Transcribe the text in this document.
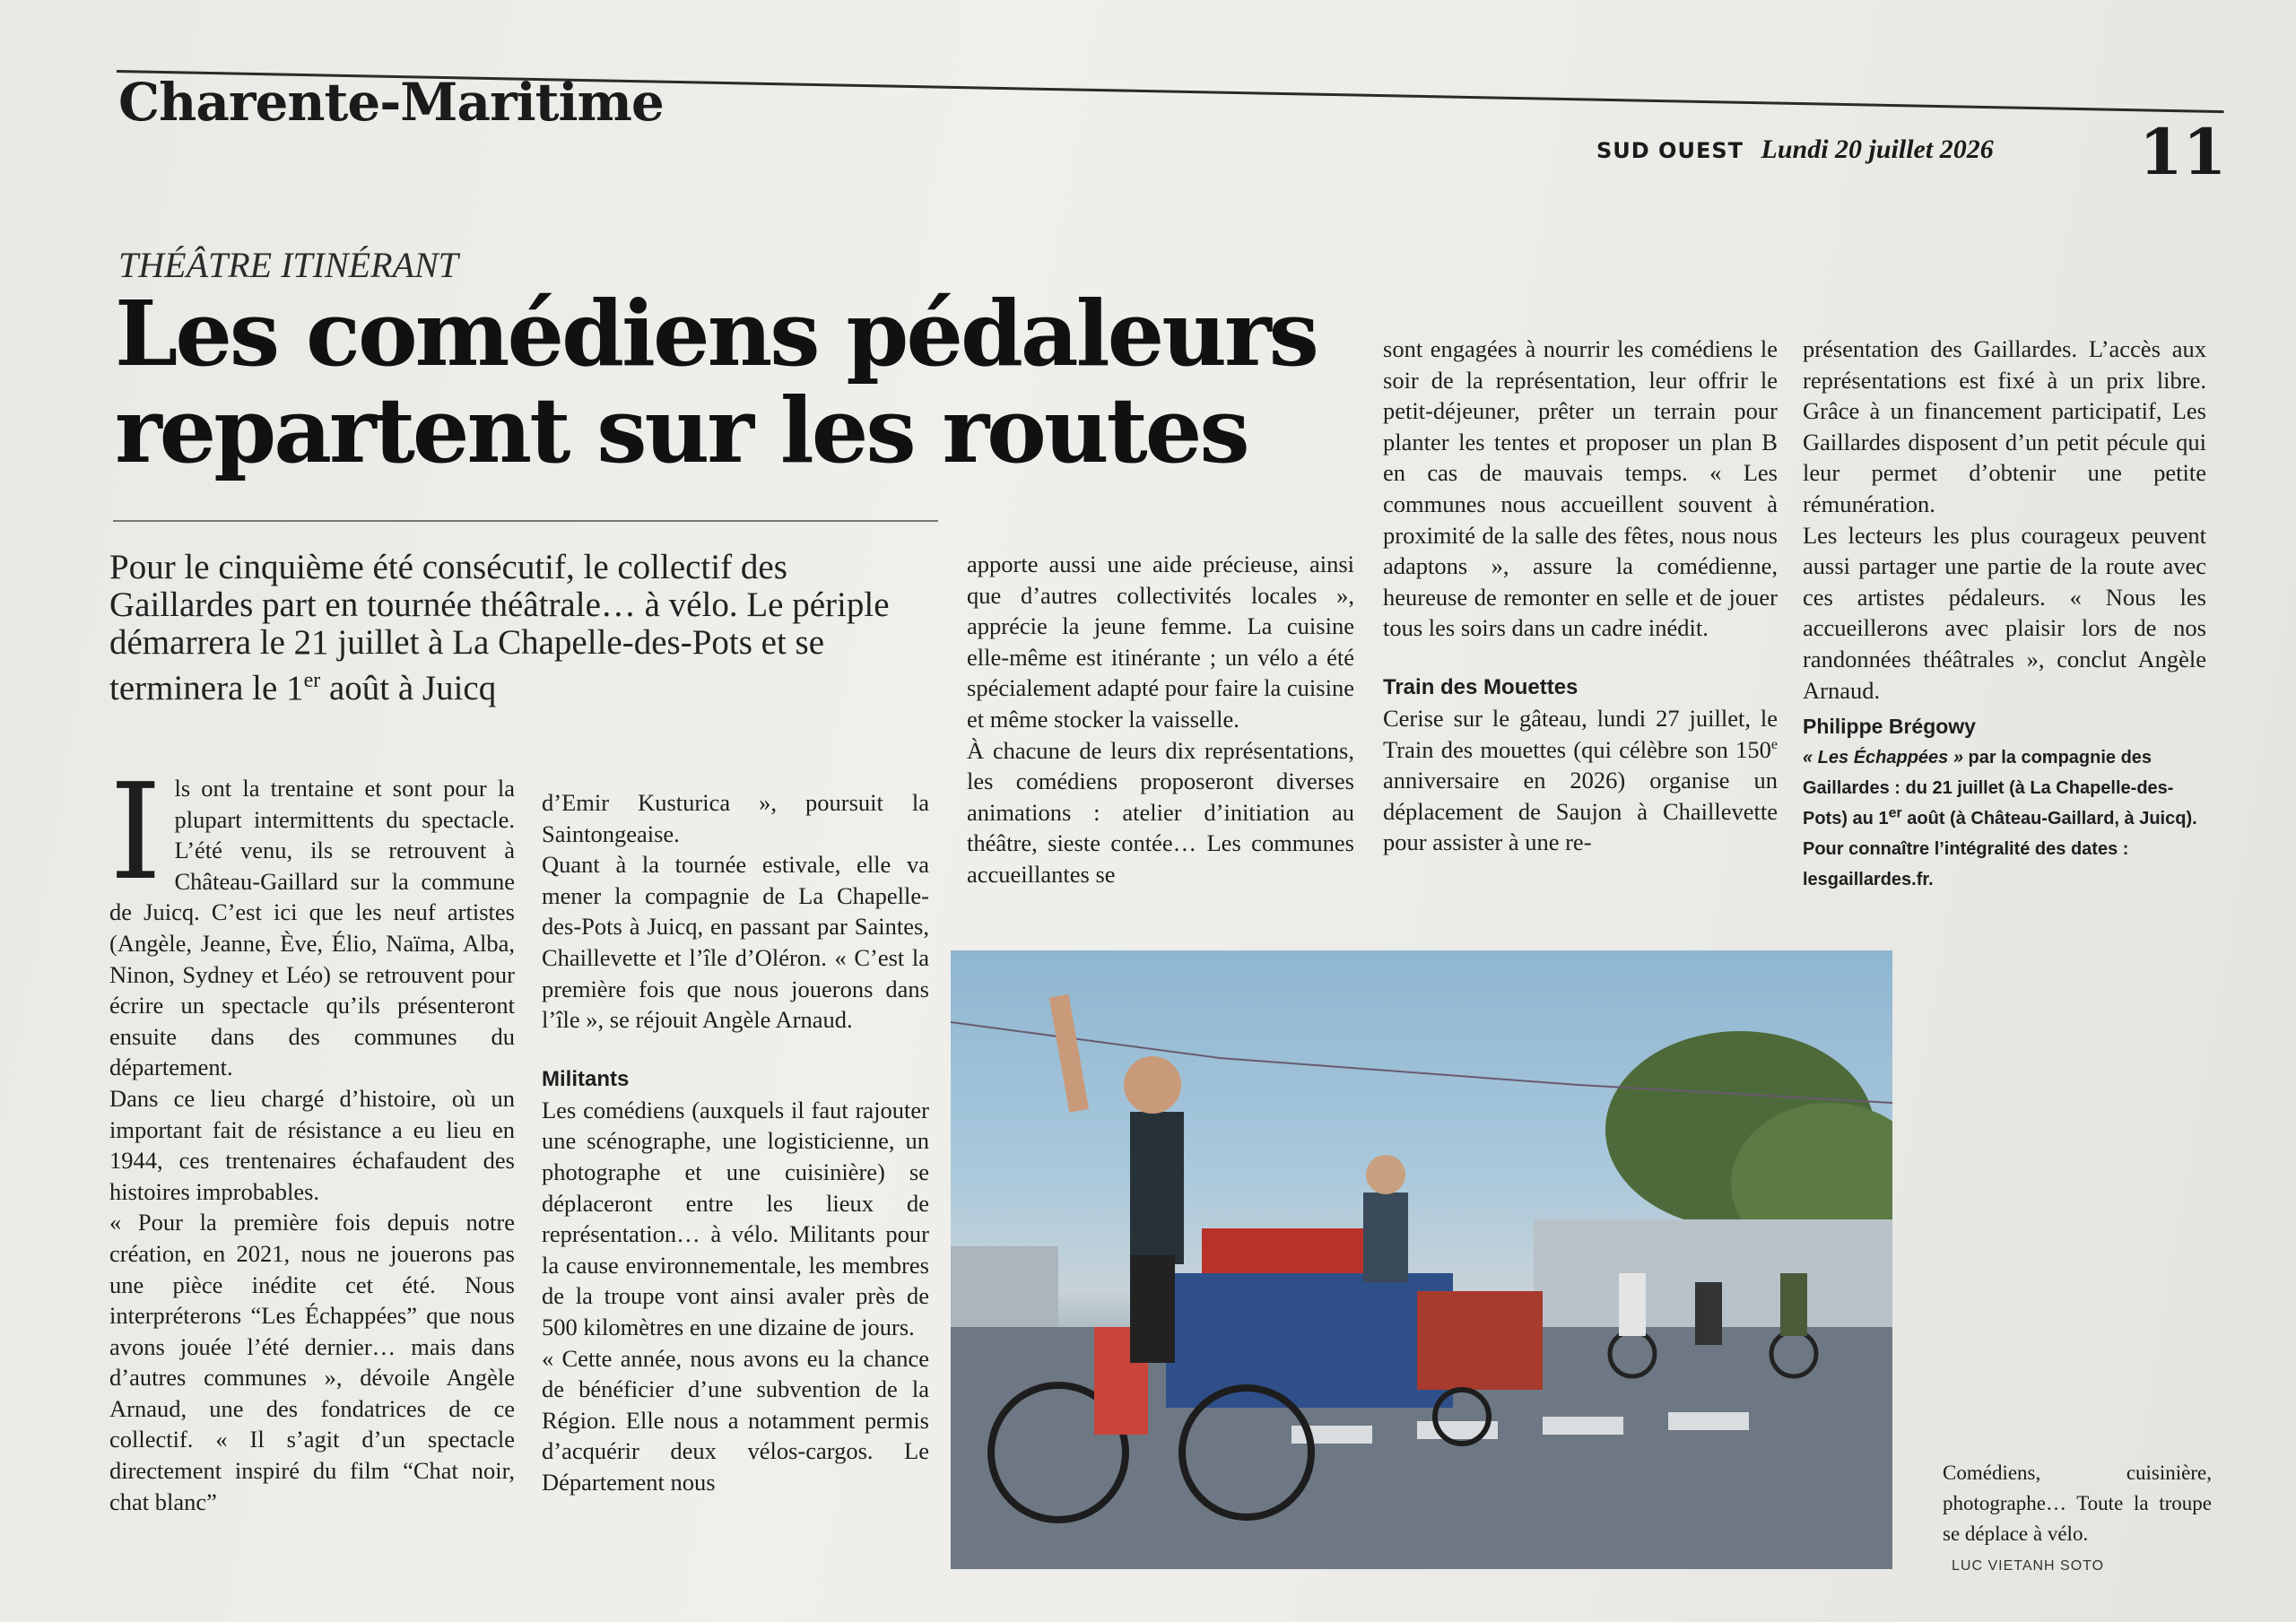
Charente-Maritime
SUD OUEST Lundi 20 juillet 2026 11
THÉÂTRE ITINÉRANT
Les comédiens pédaleurs
repartent sur les routes
Pour le cinquième été consécutif, le collectif des Gaillardes part en tournée théâtrale… à vélo. Le périple démarrera le 21 juillet à La Chapelle-des-Pots et se terminera le 1er août à Juicq

Ils ont la trentaine et sont pour la plupart intermittents du spectacle. L’été venu, ils se retrouvent à Château-Gaillard sur la commune de Juicq. C’est ici que les neuf artistes (Angèle, Jeanne, Ève, Élio, Naïma, Alba, Ninon, Sydney et Léo) se retrouvent pour écrire un spectacle qu’ils présenteront ensuite dans des communes du département.

Dans ce lieu chargé d’histoire, où un important fait de résistance a eu lieu en 1944, ces trentenaires échafaudent des histoires improbables.

« Pour la première fois depuis notre création, en 2021, nous ne jouerons pas une pièce inédite cet été. Nous interpréterons “Les Échappées” que nous avons jouée l’été dernier… mais dans d’autres communes », dévoile Angèle Arnaud, une des fondatrices de ce collectif. « Il s’agit d’un spectacle directement inspiré du film “Chat noir, chat blanc”

d’Emir Kusturica », poursuit la Saintongeaise.

Quant à la tournée estivale, elle va mener la compagnie de La Chapelle-des-Pots à Juicq, en passant par Saintes, Chaillevette et l’île d’Oléron. « C’est la première fois que nous jouerons dans l’île », se réjouit Angèle Arnaud.

Militants

Les comédiens (auxquels il faut rajouter une scénographe, une logisticienne, un photographe et une cuisinière) se déplaceront entre les lieux de représentation… à vélo. Militants pour la cause environnementale, les membres de la troupe vont ainsi avaler près de 500 kilomètres en une dizaine de jours.

« Cette année, nous avons eu la chance de bénéficier d’une subvention de la Région. Elle nous a notamment permis d’acquérir deux vélos-cargos. Le Département nous

apporte aussi une aide précieuse, ainsi que d’autres collectivités locales », apprécie la jeune femme. La cuisine elle-même est itinérante ; un vélo a été spécialement adapté pour faire la cuisine et même stocker la vaisselle.

À chacune de leurs dix représentations, les comédiens proposeront diverses animations : atelier d’initiation au théâtre, sieste contée… Les communes accueillantes se

sont engagées à nourrir les comédiens le soir de la représentation, leur offrir le petit-déjeuner, prêter un terrain pour planter les tentes et proposer un plan B en cas de mauvais temps. « Les communes nous accueillent souvent à proximité de la salle des fêtes, nous nous adaptons », assure la comédienne, heureuse de remonter en selle et de jouer tous les soirs dans un cadre inédit.

Train des Mouettes

Cerise sur le gâteau, lundi 27 juillet, le Train des mouettes (qui célèbre son 150e anniversaire en 2026) organise un déplacement de Saujon à Chaillevette pour assister à une re-

présentation des Gaillardes. L’accès aux représentations est fixé à un prix libre. Grâce à un financement participatif, Les Gaillardes disposent d’un petit pécule qui leur permet d’obtenir une petite rémunération.

Les lecteurs les plus courageux peuvent aussi partager une partie de la route avec ces artistes pédaleurs. « Nous les accueillerons avec plaisir lors de nos randonnées théâtrales », conclut Angèle Arnaud.

Philippe Brégowy
« Les Échappées » par la compagnie des Gaillardes : du 21 juillet (à La Chapelle-des-Pots) au 1er août (à Château-Gaillard, à Juicq). Pour connaître l’intégralité des dates : lesgaillardes.fr.
Comédiens, cuisinière, photographe… Toute la troupe se déplace à vélo.
LUC VIETANH SOTO
